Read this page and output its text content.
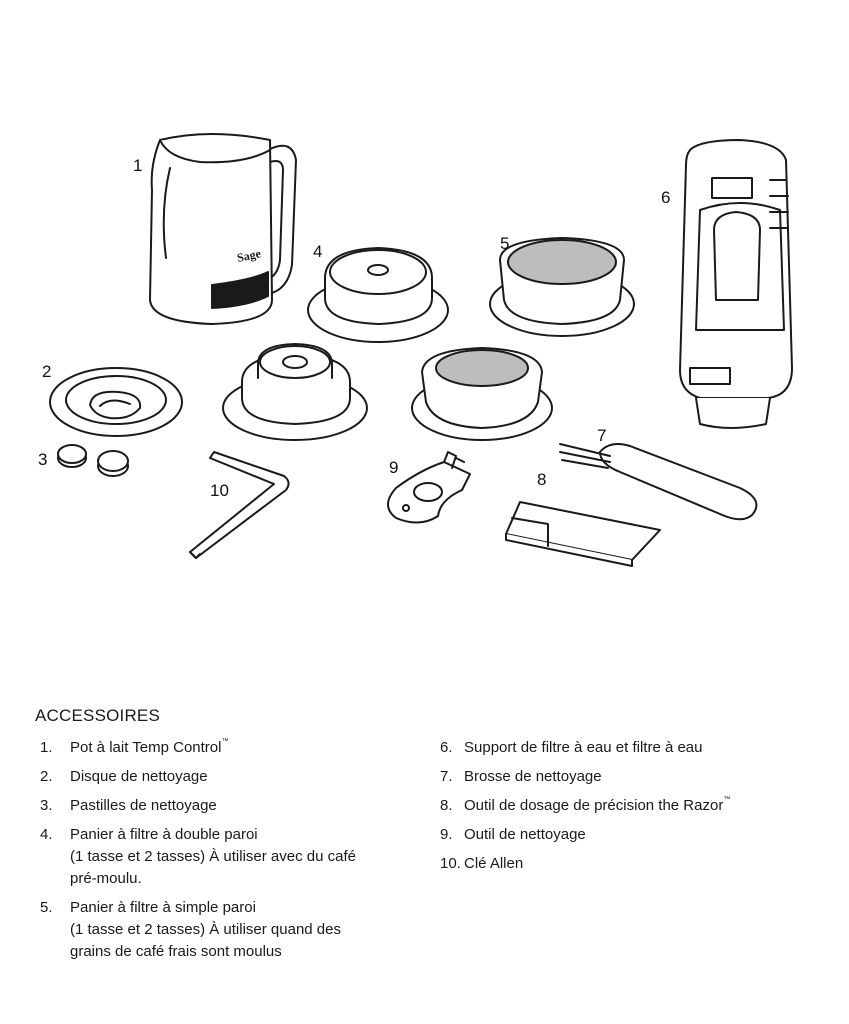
Sage
1
2
3
4	5
6
7
8
9
10
ACCESSOIRES
1. Pot à lait Temp Control™
2. Disque de nettoyage
3. Pastilles de nettoyage
4. Panier à filtre à double paroi
(1 tasse et 2 tasses) À utiliser avec du café
pré-moulu.
5. Panier à filtre à simple paroi
(1 tasse et 2 tasses) À utiliser quand des
grains de café frais sont moulus
6. Support de filtre à eau et filtre à eau
7. Brosse de nettoyage
8. Outil de dosage de précision the Razor™
9. Outil de nettoyage
10. Clé Allen
